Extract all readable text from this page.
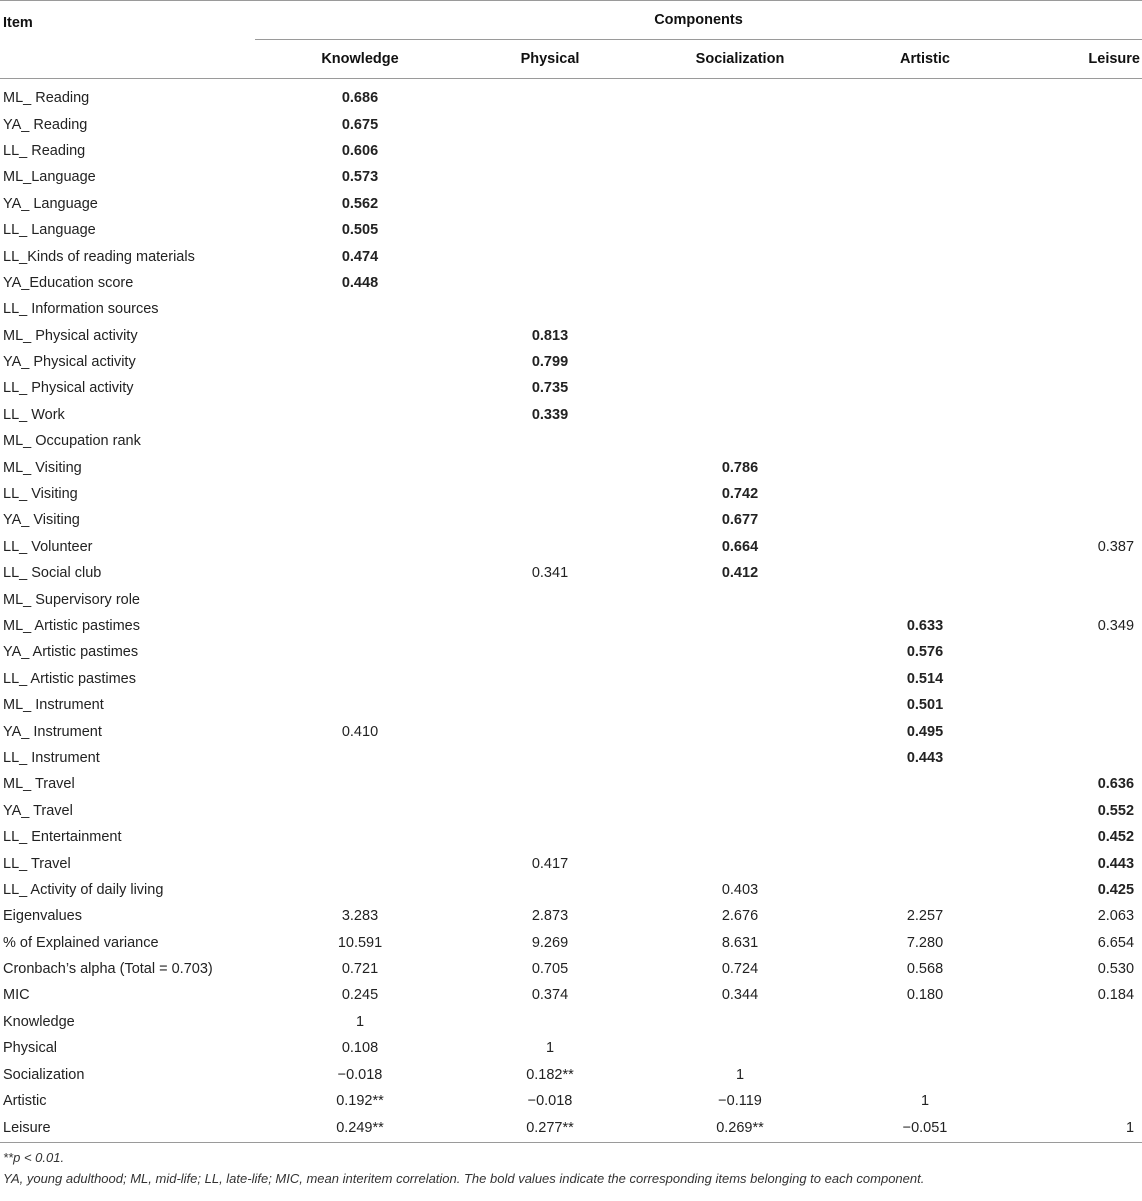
Item	Components				
	Knowledge	Physical	Socialization	Artistic	Leisure

ML_ Reading	0.686				
YA_ Reading	0.675				
LL_ Reading	0.606				
ML_Language	0.573				
YA_ Language	0.562				
LL_ Language	0.505				
LL_Kinds of reading materials	0.474				
YA_Education score	0.448				
LL_ Information sources					
ML_ Physical activity		0.813			
YA_ Physical activity		0.799			
LL_ Physical activity		0.735			
LL_ Work		0.339			
ML_ Occupation rank					
ML_ Visiting			0.786		
LL_ Visiting			0.742		
YA_ Visiting			0.677		
LL_ Volunteer			0.664		0.387
LL_ Social club		0.341	0.412		
ML_ Supervisory role					
ML_ Artistic pastimes				0.633	0.349
YA_ Artistic pastimes				0.576	
LL_ Artistic pastimes				0.514	
ML_ Instrument				0.501	
YA_ Instrument	0.410			0.495	
LL_ Instrument				0.443	
ML_ Travel					0.636
YA_ Travel					0.552
LL_ Entertainment					0.452
LL_ Travel		0.417			0.443
LL_ Activity of daily living			0.403		0.425
Eigenvalues	3.283	2.873	2.676	2.257	2.063
% of Explained variance	10.591	9.269	8.631	7.280	6.654
Cronbach’s alpha (Total = 0.703)	0.721	0.705	0.724	0.568	0.530
MIC	0.245	0.374	0.344	0.180	0.184
Knowledge	1				
Physical	0.108	1			
Socialization	−0.018	0.182**	1		
Artistic	0.192**	−0.018	−0.119	1	
Leisure	0.249**	0.277**	0.269**	−0.051	1
**p < 0.01.
YA, young adulthood; ML, mid-life; LL, late-life; MIC, mean interitem correlation. The bold values indicate the corresponding items belonging to each component.
